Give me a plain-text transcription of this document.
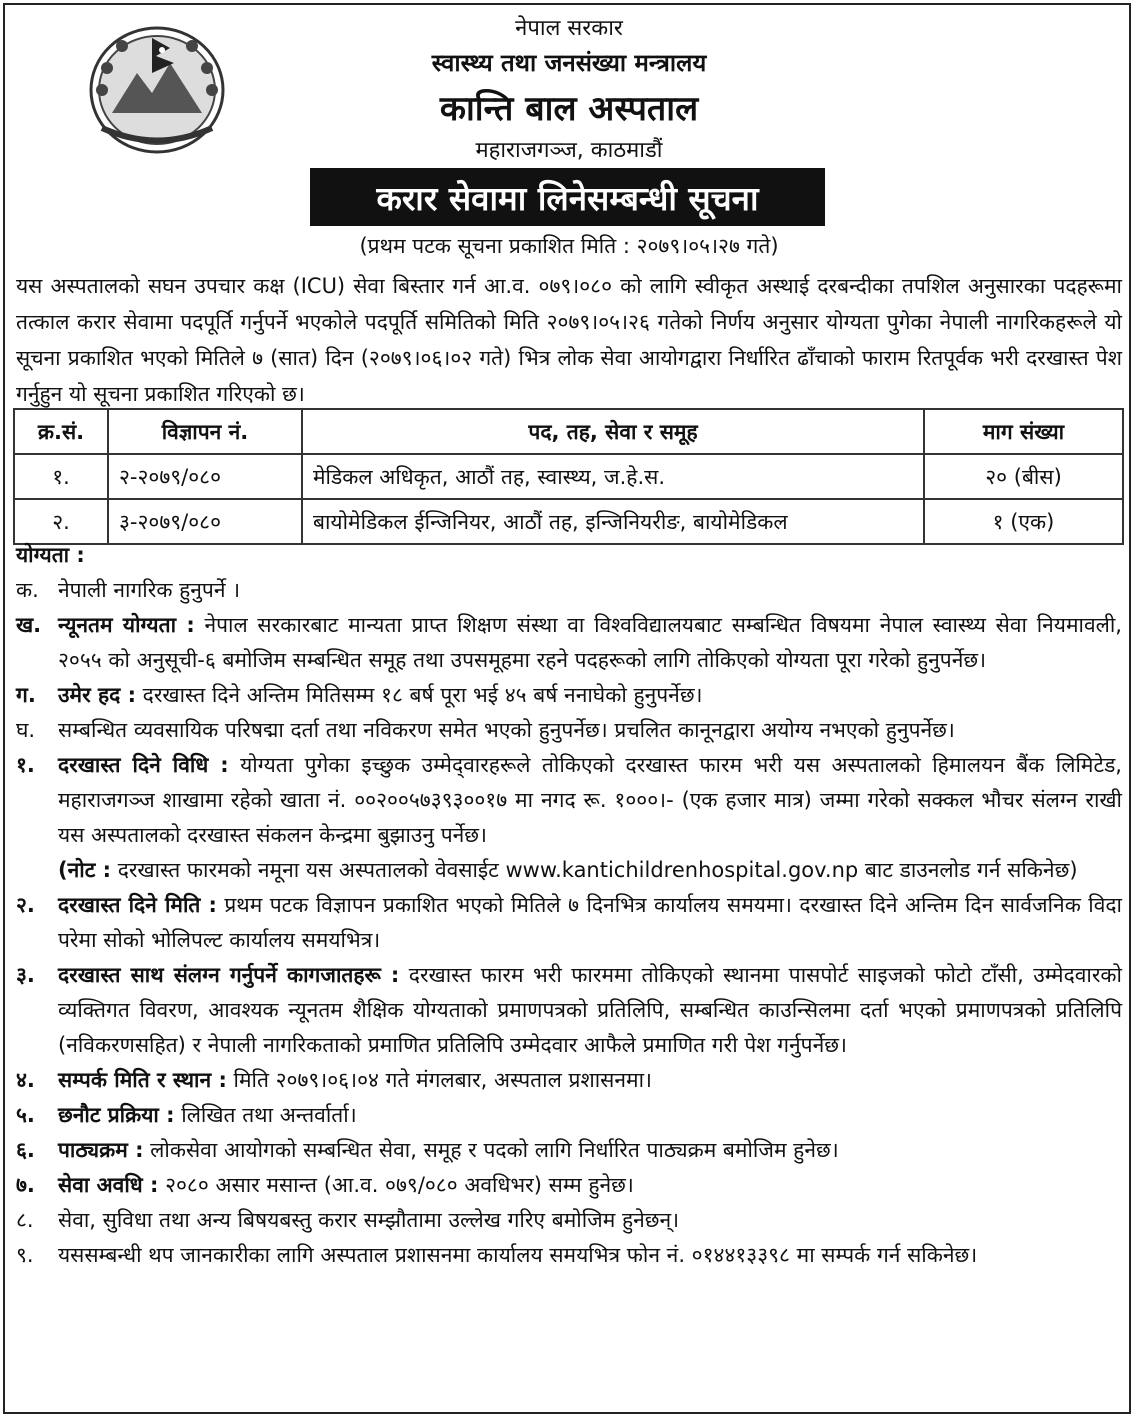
नेपाल सरकार
स्वास्थ्य तथा जनसंख्या मन्त्रालय
कान्ति बाल अस्पताल
महाराजगञ्ज, काठमाडौं
करार सेवामा लिनेसम्बन्धी सूचना
(प्रथम पटक सूचना प्रकाशित मिति : २०७९।०५।२७ गते)
यस अस्पतालको सघन उपचार कक्ष (ICU) सेवा बिस्तार गर्न आ.व. ०७९।०८० को लागि स्वीकृत अस्थाई दरबन्दीका तपशिल अनुसारका पदहरूमा तत्काल करार सेवामा पदपूर्ति गर्नुपर्ने भएकोले पदपूर्ति समितिको मिति २०७९।०५।२६ गतेको निर्णय अनुसार योग्यता पुगेका नेपाली नागरिकहरूले यो सूचना प्रकाशित भएको मितिले ७ (सात) दिन (२०७९।०६।०२ गते) भित्र लोक सेवा आयोगद्वारा निर्धारित ढाँचाको फाराम रितपूर्वक भरी दरखास्त पेश गर्नुहुन यो सूचना प्रकाशित गरिएको छ।
क्र.सं.	विज्ञापन नं.	पद, तह, सेवा र समूह	माग संख्या
१.	२-२०७९/०८०	मेडिकल अधिकृत, आठौं तह, स्वास्थ्य, ज.हे.स.	२० (बीस)
२.	३-२०७९/०८०	बायोमेडिकल ईन्जिनियर, आठौं तह, इन्जिनियरीङ, बायोमेडिकल	१ (एक)
योग्यता :
क. नेपाली नागरिक हुनुपर्ने ।
ख. न्यूनतम योग्यता : नेपाल सरकारबाट मान्यता प्राप्त शिक्षण संस्था वा विश्वविद्यालयबाट सम्बन्धित विषयमा नेपाल स्वास्थ्य सेवा नियमावली, २०५५ को अनुसूची-६ बमोजिम सम्बन्धित समूह तथा उपसमूहमा रहने पदहरूको लागि तोकिएको योग्यता पूरा गरेको हुनुपर्नेछ।
ग.	उमेर हद : दरखास्त दिने अन्तिम मितिसम्म १८ बर्ष पूरा भई ४५ बर्ष ननाघेको हुनुपर्नेछ।
घ.	सम्बन्धित व्यवसायिक परिषद्मा दर्ता तथा नविकरण समेत भएको हुनुपर्नेछ। प्रचलित कानूनद्वारा अयोग्य नभएको हुनुपर्नेछ।
१.	दरखास्त दिने विधि : योग्यता पुगेका इच्छुक उम्मेद्‌वारहरूले तोकिएको दरखास्त फारम भरी यस अस्पतालको हिमालयन बैंक लिमिटेड, महाराजगञ्ज शाखामा रहेको खाता नं. ००२००५७३९३००१७ मा नगद रू. १०००।- (एक हजार मात्र) जम्मा गरेको सक्कल भौचर संलग्न राखी यस अस्पतालको दरखास्त संकलन केन्द्रमा बुझाउनु पर्नेछ।
(नोट : दरखास्त फारमको नमूना यस अस्पतालको वेवसाईट www.kantichildrenhospital.gov.np बाट डाउनलोड गर्न सकिनेछ)
२.	दरखास्त दिने मिति : प्रथम पटक विज्ञापन प्रकाशित भएको मितिले ७ दिनभित्र कार्यालय समयमा। दरखास्त दिने अन्तिम दिन सार्वजनिक विदा परेमा सोको भोलिपल्ट कार्यालय समयभित्र।
३.	दरखास्त साथ संलग्न गर्नुपर्ने कागजातहरू : दरखास्त फारम भरी फारममा तोकिएको स्थानमा पासपोर्ट साइजको फोटो टाँसी, उम्मेदवारको व्यक्तिगत विवरण, आवश्यक न्यूनतम शैक्षिक योग्यताको प्रमाणपत्रको प्रतिलिपि, सम्बन्धित काउन्सिलमा दर्ता भएको प्रमाणपत्रको प्रतिलिपि (नविकरणसहित) र नेपाली नागरिकताको प्रमाणित प्रतिलिपि उम्मेदवार आफैले प्रमाणित गरी पेश गर्नुपर्नेछ।
४.	सम्पर्क मिति र स्थान : मिति २०७९।०६।०४ गते मंगलबार, अस्पताल प्रशासनमा।
५.	छनौट प्रक्रिया : लिखित तथा अन्तर्वार्ता।
६.	पाठ्यक्रम : लोकसेवा आयोगको सम्बन्धित सेवा, समूह र पदको लागि निर्धारित पाठ्यक्रम बमोजिम हुनेछ।
७.	सेवा अवधि : २०८० असार मसान्त (आ.व. ०७९/०८० अवधिभर) सम्म हुनेछ।
८.	सेवा, सुविधा तथा अन्य बिषयबस्तु करार सम्झौतामा उल्लेख गरिए बमोजिम हुनेछन्।
९.	यससम्बन्धी थप जानकारीका लागि अस्पताल प्रशासनमा कार्यालय समयभित्र फोन नं. ०१४४१३३९८ मा सम्पर्क गर्न सकिनेछ।
